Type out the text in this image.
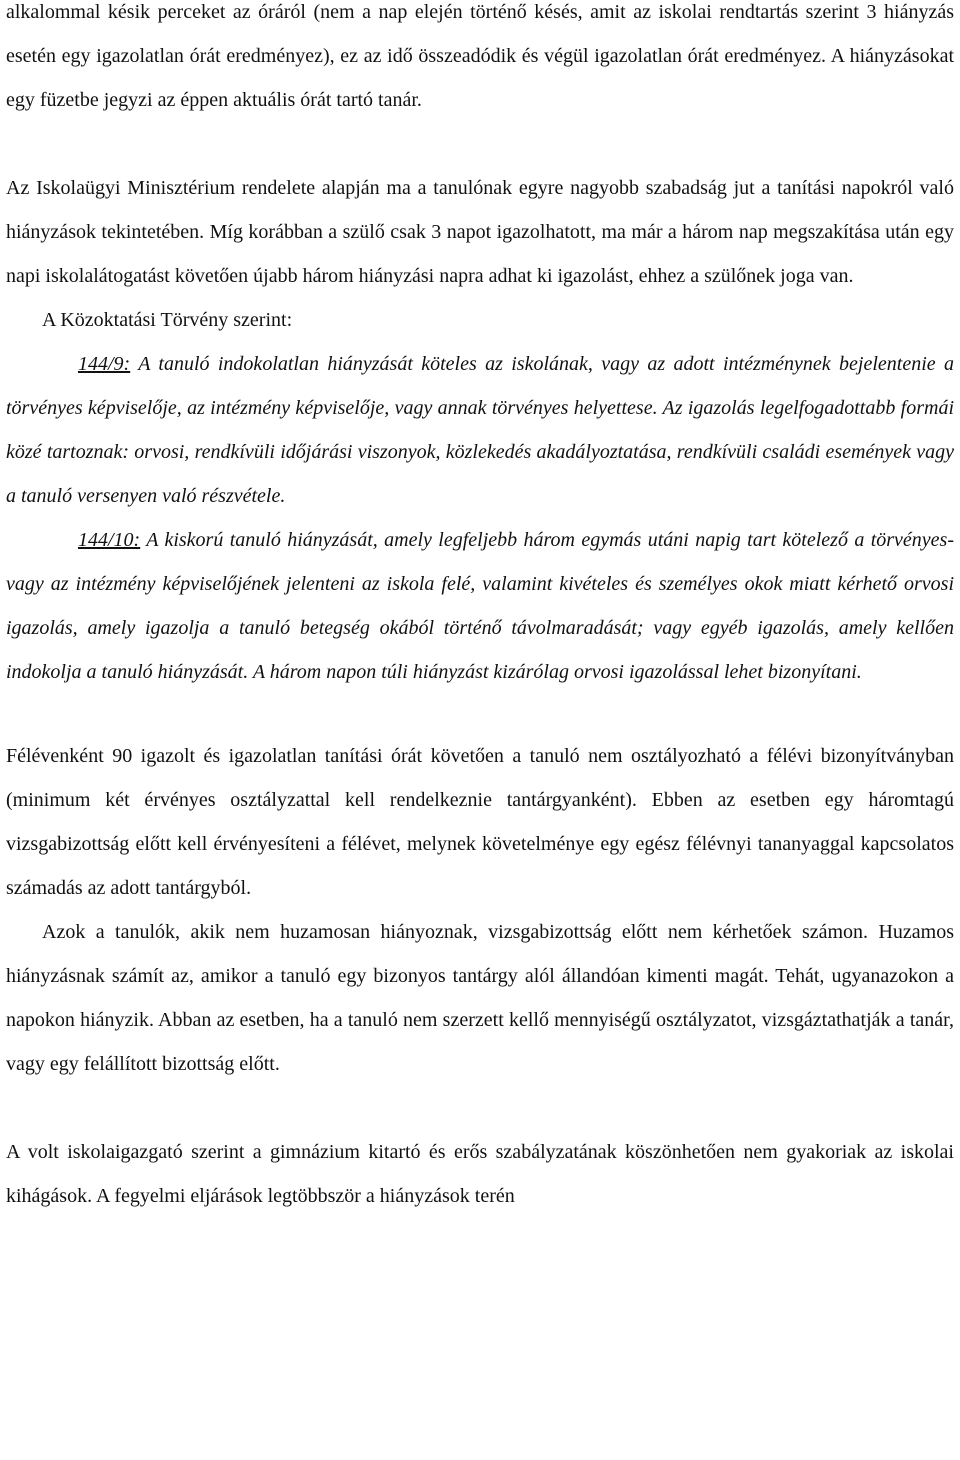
alkalommal késik perceket az óráról (nem a nap elején történő késés, amit az iskolai rendtartás szerint 3 hiányzás esetén egy igazolatlan órát eredményez), ez az idő összeadódik és végül igazolatlan órát eredményez. A hiányzásokat egy füzetbe jegyzi az éppen aktuális órát tartó tanár.

Az Iskolaügyi Minisztérium rendelete alapján ma a tanulónak egyre nagyobb szabadság jut a tanítási napokról való hiányzások tekintetében. Míg korábban a szülő csak 3 napot igazolhatott, ma már a három nap megszakítása után egy napi iskolalátogatást követően újabb három hiányzási napra adhat ki igazolást, ehhez a szülőnek joga van.

A Közoktatási Törvény szerint:

144/9: A tanuló indokolatlan hiányzását köteles az iskolának, vagy az adott intézménynek bejelentenie a törvényes képviselője, az intézmény képviselője, vagy annak törvényes helyettese. Az igazolás legelfogadottabb formái közé tartoznak: orvosi, rendkívüli időjárási viszonyok, közlekedés akadályoztatása, rendkívüli családi események vagy a tanuló versenyen való részvétele.

144/10: A kiskorú tanuló hiányzását, amely legfeljebb három egymás utáni napig tart kötelező a törvényes- vagy az intézmény képviselőjének jelenteni az iskola felé, valamint kivételes és személyes okok miatt kérhető orvosi igazolás, amely igazolja a tanuló betegség okából történő távolmaradását; vagy egyéb igazolás, amely kellően indokolja a tanuló hiányzását. A három napon túli hiányzást kizárólag orvosi igazolással lehet bizonyítani.

Félévenként 90 igazolt és igazolatlan tanítási órát követően a tanuló nem osztályozható a félévi bizonyítványban (minimum két érvényes osztályzattal kell rendelkeznie tantárgyanként). Ebben az esetben egy háromtagú vizsgabizottság előtt kell érvényesíteni a félévet, melynek követelménye egy egész félévnyi tananyaggal kapcsolatos számadás az adott tantárgyból.

Azok a tanulók, akik nem huzamosan hiányoznak, vizsgabizottság előtt nem kérhetőek számon. Huzamos hiányzásnak számít az, amikor a tanuló egy bizonyos tantárgy alól állandóan kimenti magát. Tehát, ugyanazokon a napokon hiányzik. Abban az esetben, ha a tanuló nem szerzett kellő mennyiségű osztályzatot, vizsgáztathatják a tanár, vagy egy felállított bizottság előtt.

A volt iskolaigazgató szerint a gimnázium kitartó és erős szabályzatának köszönhetően nem gyakoriak az iskolai kihágások. A fegyelmi eljárások legtöbbször a hiányzások terén
